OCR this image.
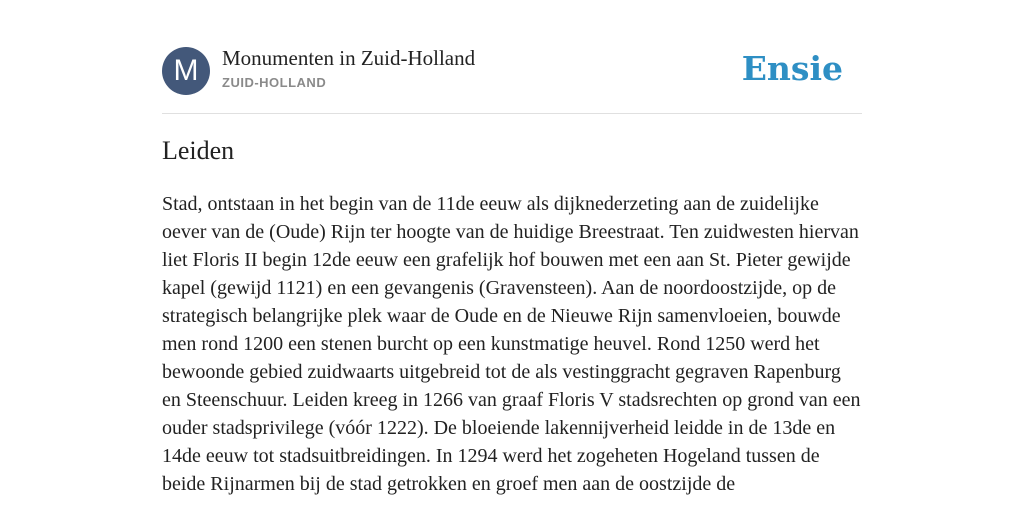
M	Monumenten in Zuid-Holland
ZUID-HOLLAND	Ensie
Leiden

Stad, ontstaan in het begin van de 11de eeuw als dijknederzeting aan de zuidelijke oever van de (Oude) Rijn ter hoogte van de huidige Breestraat. Ten zuidwesten hiervan liet Floris II begin 12de eeuw een grafelijk hof bouwen met een aan St. Pieter gewijde kapel (gewijd 1121) en een gevangenis (Gravensteen). Aan de noordoostzijde, op de strategisch belangrijke plek waar de Oude en de Nieuwe Rijn samenvloeien, bouwde men rond 1200 een stenen burcht op een kunstmatige heuvel. Rond 1250 werd het bewoonde gebied zuidwaarts uitgebreid tot de als vestinggracht gegraven Rapenburg en Steenschuur. Leiden kreeg in 1266 van graaf Floris V stadsrechten op grond van een ouder stadsprivilege (vóór 1222). De bloeiende lakennijverheid leidde in de 13de en 14de eeuw tot stadsuitbreidingen. In 1294 werd het zogeheten Hogeland tussen de beide Rijnarmen bij de stad getrokken en groef men aan de oostzijde de
